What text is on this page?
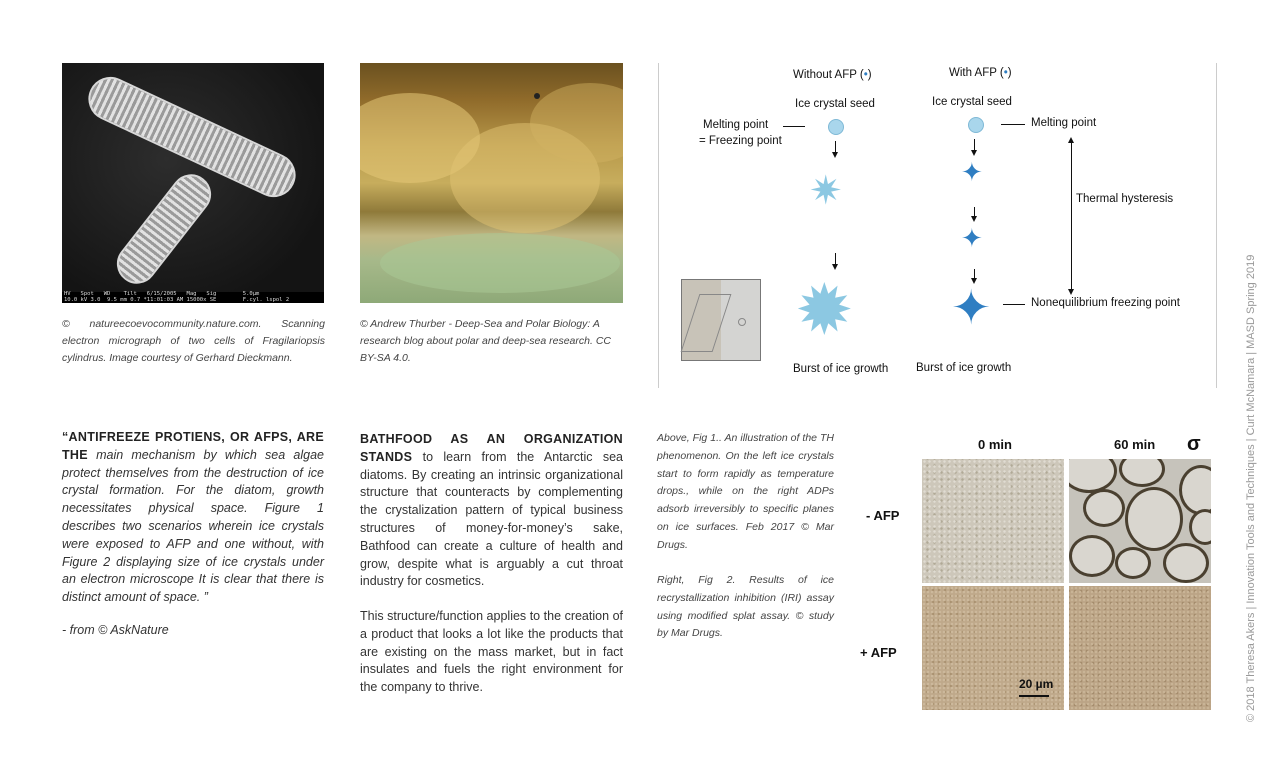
HV   Spot   WD    Tilt   6/15/2005   Mag   Sig        5.0µm
10.0 kV 3.0  9.5 mm 0.7 *11:01:03 AM 15000x SE        F.cyl. lspol 2
© natureecoevocommunity.nature.com. Scanning electron micrograph of two cells of Fragilariopsis cylindrus. Image courtesy of Gerhard Dieckmann.
© Andrew Thurber - Deep-Sea and Polar Biology: A research blog about polar and deep-sea research. CC BY-SA 4.0.
Without AFP (•)	With AFP (•)
Ice crystal seed	Ice crystal seed
Melting point
= Freezing point
Melting point
✷
✹
✦
✦
✦
Thermal hysteresis
Nonequilibrium freezing point
Burst of ice growth Burst of ice growth
“ANTIFREEZE PROTIENS, OR AFPS, ARE THE main mechanism by which sea algae protect themselves from the destruction of ice crystal formation. For the diatom, growth necessitates physical space. Figure 1 describes two scenarios wherein ice crystals were exposed to AFP and one without, with Figure 2 displaying size of ice crystals under an electron microscope It is clear that there is distinct amount of space. ”
- from © AskNature
BATHFOOD AS AN ORGANIZATION STANDS to learn from the Antarctic sea diatoms. By creating an intrinsic organizational structure that counteracts by complementing the crystalization pattern of typical business structures of money-for-money’s sake, Bathfood can create a culture of health and grow, despite what is arguably a cut throat industry for cosmetics.
This structure/function applies to the creation of a product that looks a lot like the products that are existing on the mass market, but in fact insulates and fuels the right environment for the company to thrive.
Above, Fig 1.. An illustration of the TH phenomenon. On the left ice crystals start to form rapidly as temperature drops., while on the right ADPs adsorb irreversibly to specific planes on ice surfaces. Feb 2017 © Mar Drugs.
Right, Fig 2. Results of ice recrystallization inhibition (IRI) assay using modified splat assay. © study by Mar Drugs.
0 min	60 min σ
- AFP
+ AFP
20 µm	© 2018 Theresa Akers | Innovation Tools and Techniques | Curt McNamara | MASD Spring 2019
